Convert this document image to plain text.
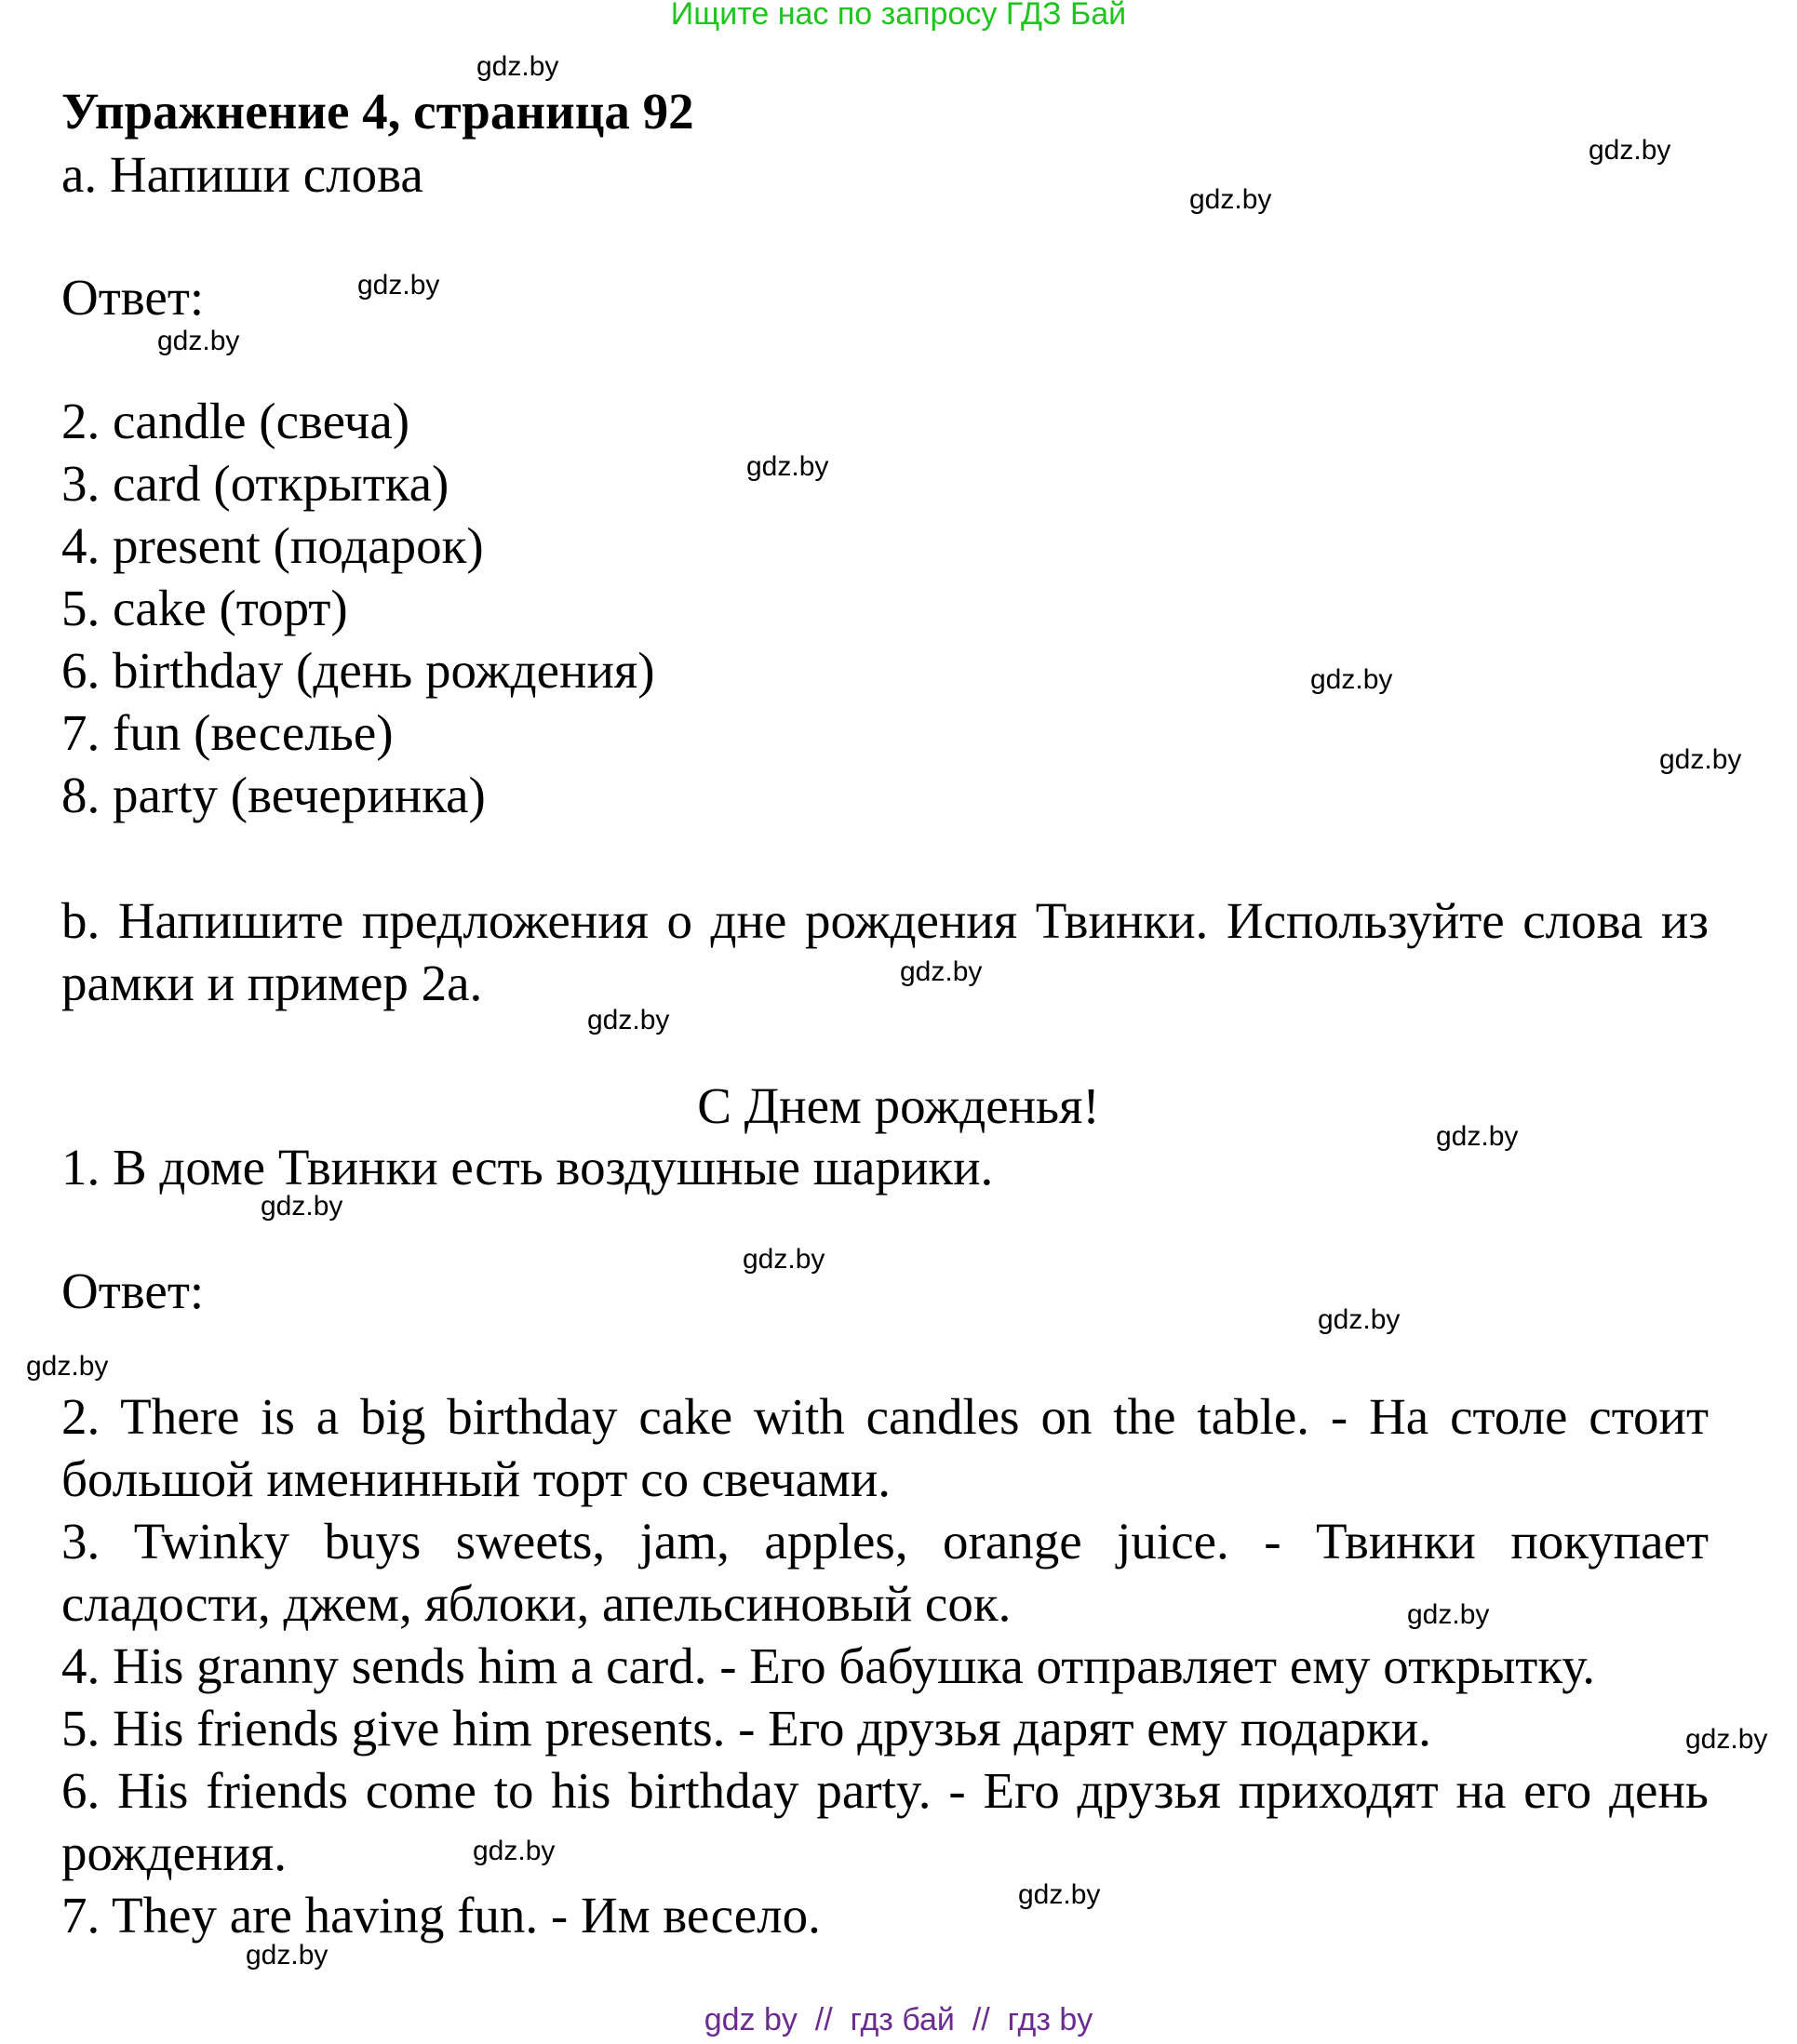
Ищите нас по запросу ГДЗ Бай
Упражнение 4, страница 92
а. Напиши слова
Ответ:
2. candle (свеча)
3. card (открытка)
4. present (подарок)
5. cake (торт)
6. birthday (день рождения)
7. fun (веселье)
8. party (вечеринка)
b. Напишите предложения о дне рождения Твинки. Используйте слова из рамки и пример 2а.
С Днем рожденья!
1. В доме Твинки есть воздушные шарики.
Ответ:
2. There is a big birthday cake with candles on the table. - На столе стоит большой именинный торт со свечами.
3. Twinky buys sweets, jam, apples, orange juice. - Твинки покупает сладости, джем, яблоки, апельсиновый сок.
4. His granny sends him a card. - Его бабушка отправляет ему открытку.
5. His friends give him presents. - Его друзья дарят ему подарки.
6. His friends come to his birthday party. - Его друзья приходят на его день рождения.
7. They are having fun. - Им весело.
gdz.by
gdz.by
gdz.by
gdz.by
gdz.by
gdz.by
gdz.by
gdz.by
gdz.by
gdz.by
gdz.by
gdz.by
gdz.by
gdz.by
gdz.by
gdz.by
gdz.by
gdz.by
gdz.by
gdz.by
gdz by  //  гдз бай  //  гдз by
